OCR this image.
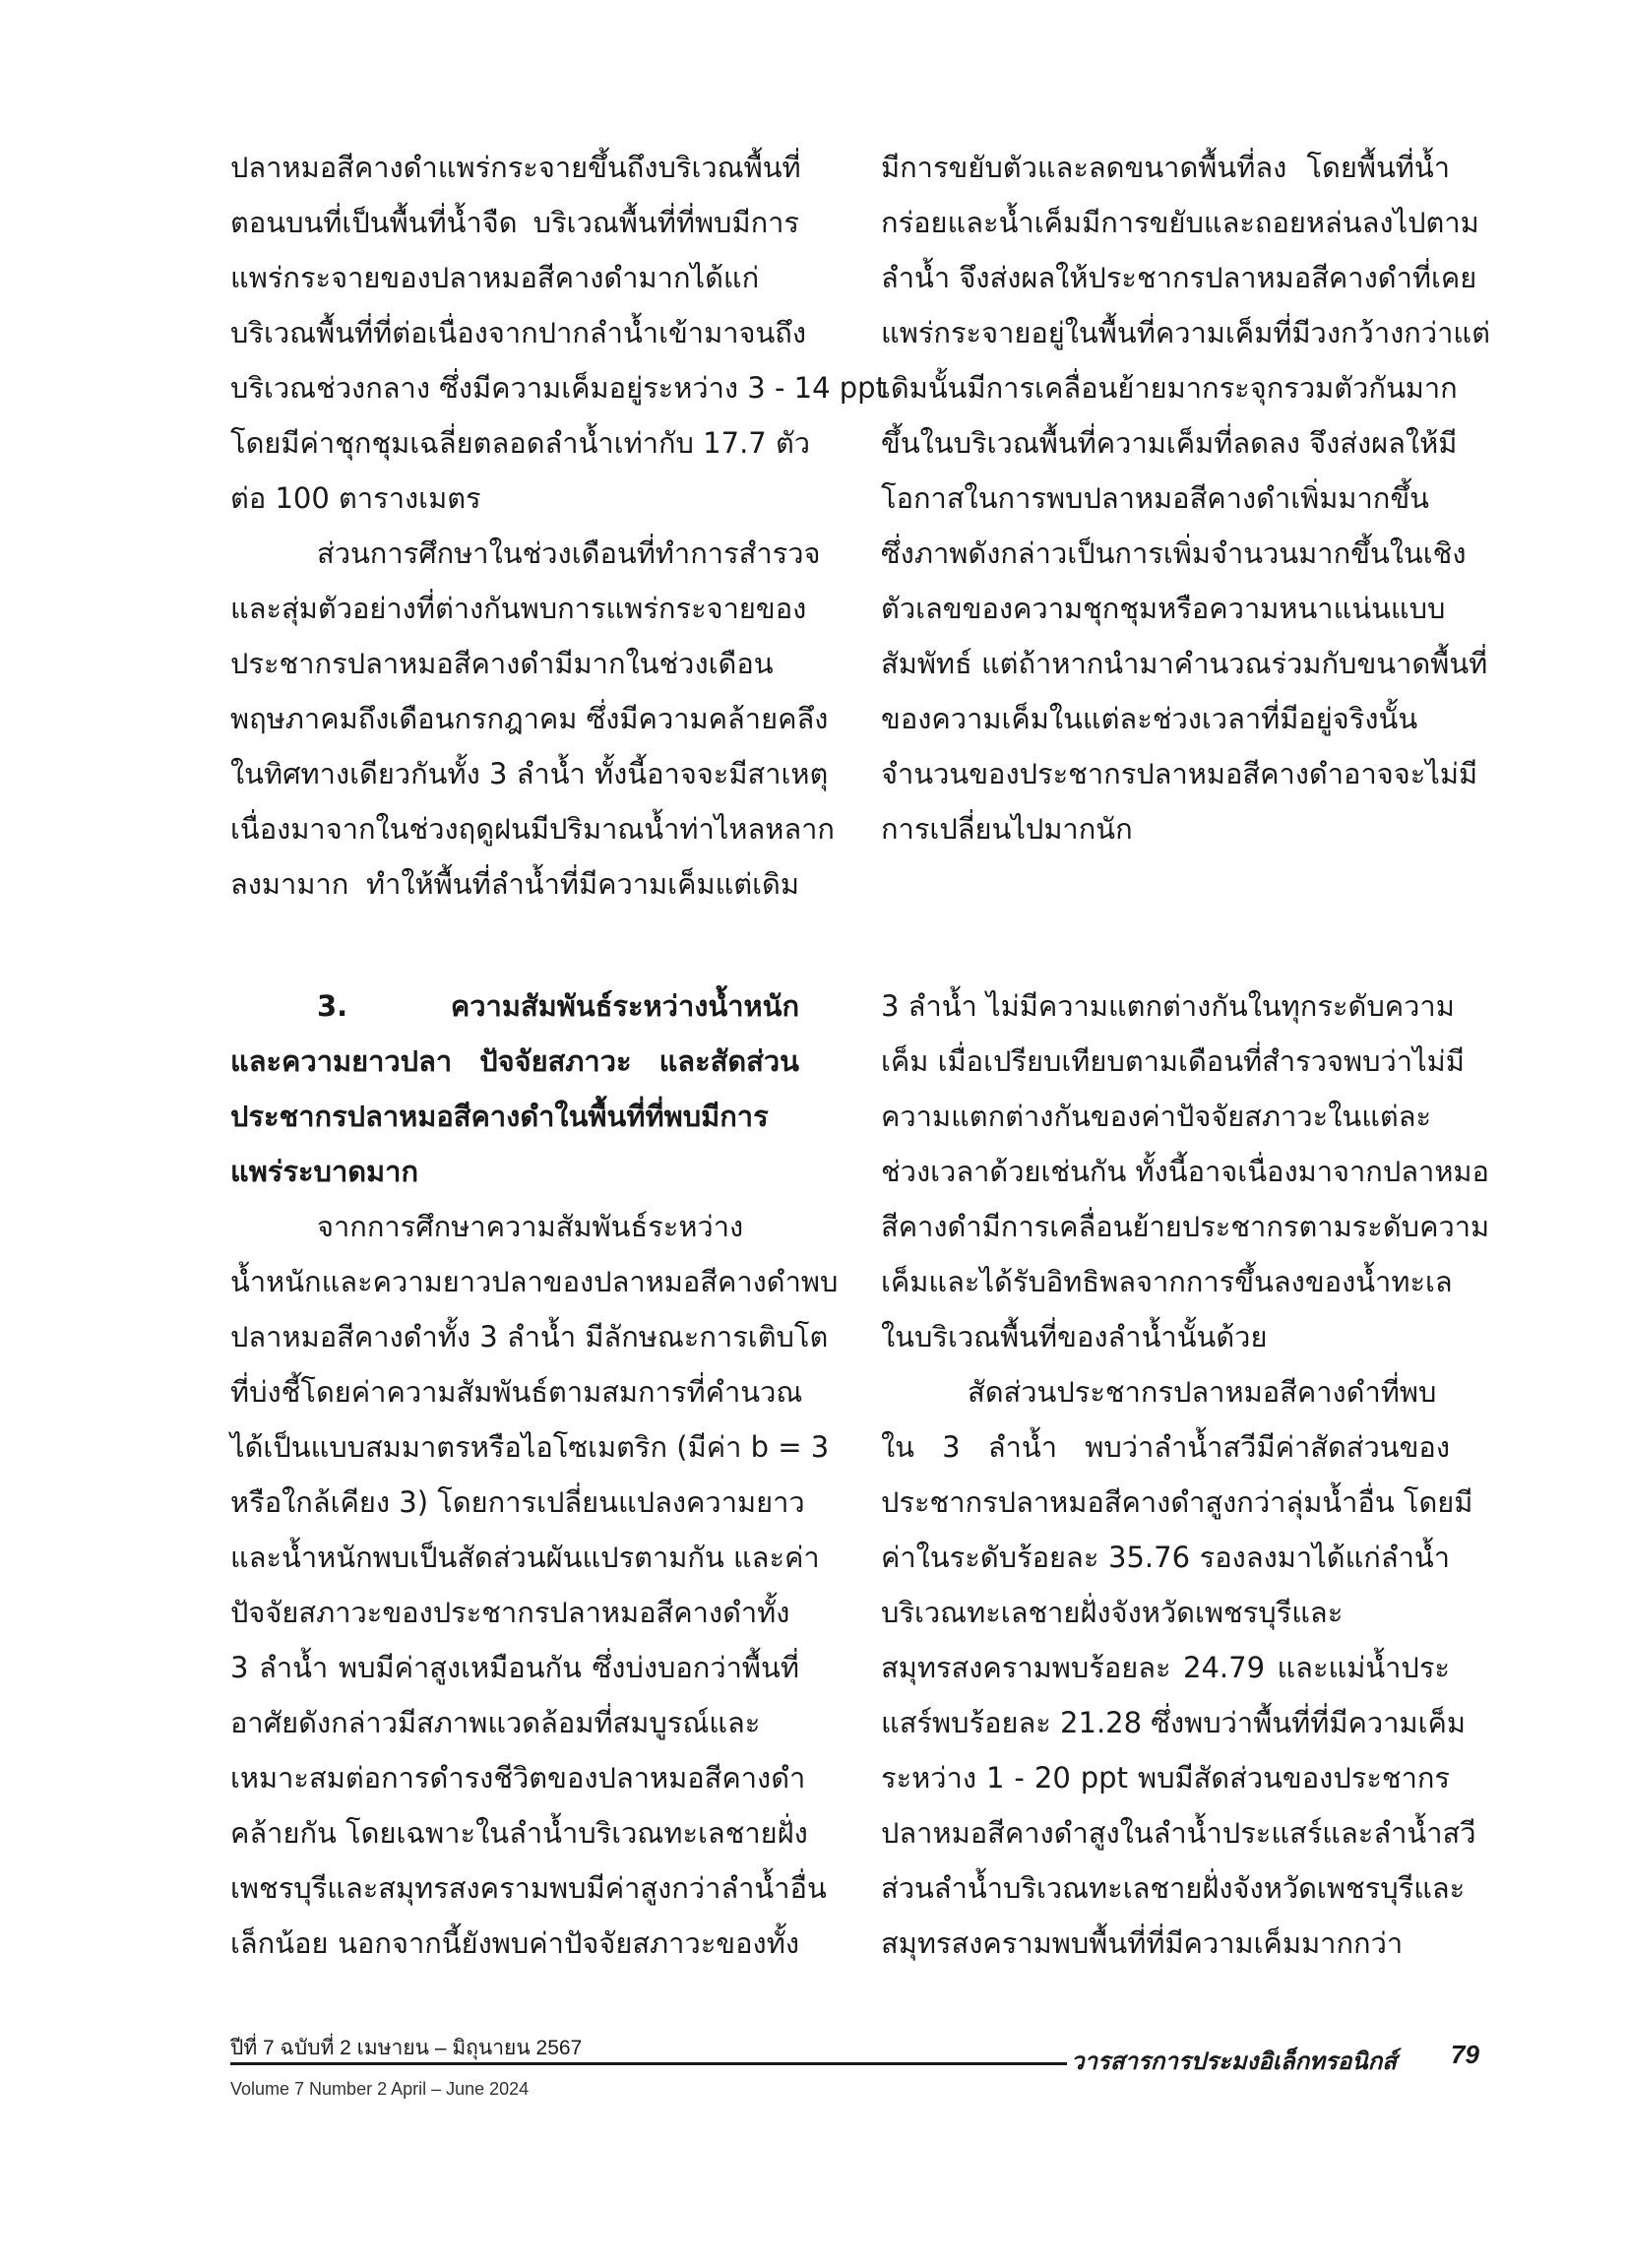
ปลาหมอสีคางดำแพร่กระจายขึ้นถึงบริเวณพื้นที่
ตอนบนที่เป็นพื้นที่น้ำจืด บริเวณพื้นที่ที่พบมีการ
แพร่กระจายของปลาหมอสีคางดำมากได้แก่
บริเวณพื้นที่ที่ต่อเนื่องจากปากลำน้ำเข้ามาจนถึง
บริเวณช่วงกลาง ซึ่งมีความเค็มอยู่ระหว่าง 3 - 14 ppt
โดยมีค่าชุกชุมเฉลี่ยตลอดลำน้ำเท่ากับ 17.7 ตัว
ต่อ 100 ตารางเมตร
ส่วนการศึกษาในช่วงเดือนที่ทำการสำรวจ
และสุ่มตัวอย่างที่ต่างกันพบการแพร่กระจายของ
ประชากรปลาหมอสีคางดำมีมากในช่วงเดือน
พฤษภาคมถึงเดือนกรกฎาคม ซึ่งมีความคล้ายคลึง
ในทิศทางเดียวกันทั้ง 3 ลำน้ำ ทั้งนี้อาจจะมีสาเหตุ
เนื่องมาจากในช่วงฤดูฝนมีปริมาณน้ำท่าไหลหลาก
ลงมามาก ทำให้พื้นที่ลำน้ำที่มีความเค็มแต่เดิม
มีการขยับตัวและลดขนาดพื้นที่ลง โดยพื้นที่น้ำ
กร่อยและน้ำเค็มมีการขยับและถอยหล่นลงไปตาม
ลำน้ำ จึงส่งผลให้ประชากรปลาหมอสีคางดำที่เคย
แพร่กระจายอยู่ในพื้นที่ความเค็มที่มีวงกว้างกว่าแต่
เดิมนั้นมีการเคลื่อนย้ายมากระจุกรวมตัวกันมาก
ขึ้นในบริเวณพื้นที่ความเค็มที่ลดลง จึงส่งผลให้มี
โอกาสในการพบปลาหมอสีคางดำเพิ่มมากขึ้น
ซึ่งภาพดังกล่าวเป็นการเพิ่มจำนวนมากขึ้นในเชิง
ตัวเลขของความชุกชุมหรือความหนาแน่นแบบ
สัมพัทธ์ แต่ถ้าหากนำมาคำนวณร่วมกับขนาดพื้นที่
ของความเค็มในแต่ละช่วงเวลาที่มีอยู่จริงนั้น
จำนวนของประชากรปลาหมอสีคางดำอาจจะไม่มี
การเปลี่ยนไปมากนัก
3. ความสัมพันธ์ระหว่างน้ำหนัก
และความยาวปลา ปัจจัยสภาวะ และสัดส่วน
ประชากรปลาหมอสีคางดำในพื้นที่ที่พบมีการ
แพร่ระบาดมาก
จากการศึกษาความสัมพันธ์ระหว่าง
น้ำหนักและความยาวปลาของปลาหมอสีคางดำพบ
ปลาหมอสีคางดำทั้ง 3 ลำน้ำ มีลักษณะการเติบโต
ที่บ่งชี้โดยค่าความสัมพันธ์ตามสมการที่คำนวณ
ได้เป็นแบบสมมาตรหรือไอโซเมตริก (มีค่า b = 3
หรือใกล้เคียง 3) โดยการเปลี่ยนแปลงความยาว
และน้ำหนักพบเป็นสัดส่วนผันแปรตามกัน และค่า
ปัจจัยสภาวะของประชากรปลาหมอสีคางดำทั้ง
3 ลำน้ำ พบมีค่าสูงเหมือนกัน ซึ่งบ่งบอกว่าพื้นที่
อาศัยดังกล่าวมีสภาพแวดล้อมที่สมบูรณ์และ
เหมาะสมต่อการดำรงชีวิตของปลาหมอสีคางดำ
คล้ายกัน โดยเฉพาะในลำน้ำบริเวณทะเลชายฝั่ง
เพชรบุรีและสมุทรสงครามพบมีค่าสูงกว่าลำน้ำอื่น
เล็กน้อย นอกจากนี้ยังพบค่าปัจจัยสภาวะของทั้ง
3 ลำน้ำ ไม่มีความแตกต่างกันในทุกระดับความ
เค็ม เมื่อเปรียบเทียบตามเดือนที่สำรวจพบว่าไม่มี
ความแตกต่างกันของค่าปัจจัยสภาวะในแต่ละ
ช่วงเวลาด้วยเช่นกัน ทั้งนี้อาจเนื่องมาจากปลาหมอ
สีคางดำมีการเคลื่อนย้ายประชากรตามระดับความ
เค็มและได้รับอิทธิพลจากการขึ้นลงของน้ำทะเล
ในบริเวณพื้นที่ของลำน้ำนั้นด้วย
สัดส่วนประชากรปลาหมอสีคางดำที่พบ
ใน 3 ลำน้ำ พบว่าลำน้ำสวีมีค่าสัดส่วนของ
ประชากรปลาหมอสีคางดำสูงกว่าลุ่มน้ำอื่น โดยมี
ค่าในระดับร้อยละ 35.76 รองลงมาได้แก่ลำน้ำ
บริเวณทะเลชายฝั่งจังหวัดเพชรบุรีและ
สมุทรสงครามพบร้อยละ 24.79 และแม่น้ำประ
แสร์พบร้อยละ 21.28 ซึ่งพบว่าพื้นที่ที่มีความเค็ม
ระหว่าง 1 - 20 ppt พบมีสัดส่วนของประชากร
ปลาหมอสีคางดำสูงในลำน้ำประแสร์และลำน้ำสวี
ส่วนลำน้ำบริเวณทะเลชายฝั่งจังหวัดเพชรบุรีและ
สมุทรสงครามพบพื้นที่ที่มีความเค็มมากกว่า
ปีที่ 7 ฉบับที่ 2 เมษายน – มิถุนายน 2567
วารสารการประมงอิเล็กทรอนิกส์ 79
Volume 7 Number 2 April – June 2024
